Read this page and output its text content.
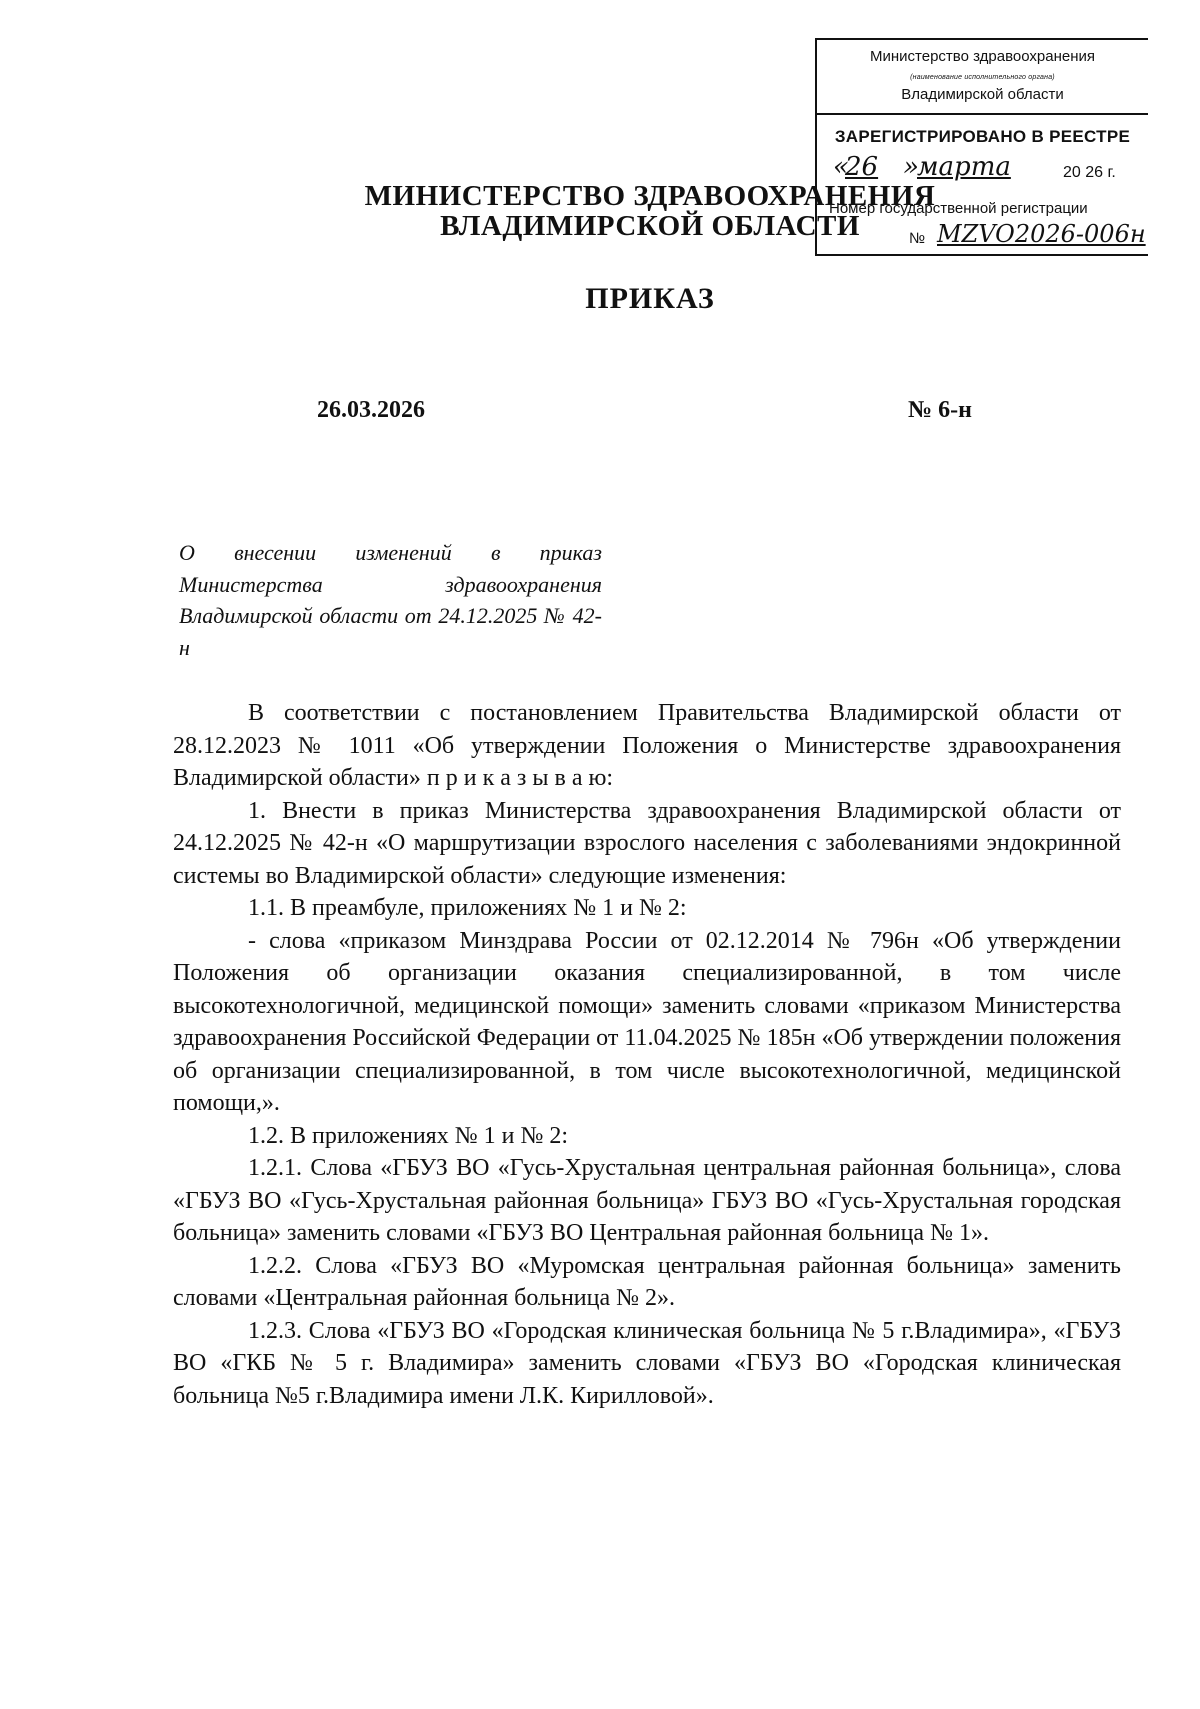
Министерство здравоохранения
(наименование исполнительного органа)
Владимирской области
ЗАРЕГИСТРИРОВАНО В РЕЕСТРЕ
«
26 »
марта	20 26 г.
Номер государственной регистрации
№ MZVO2026-006н
МИНИСТЕРСТВО ЗДРАВООХРАНЕНИЯ
ВЛАДИМИРСКОЙ ОБЛАСТИ
ПРИКАЗ
26.03.2026	№ 6-н
О внесении изменений в приказ Министерства здравоохранения Владимирской области от 24.12.2025 № 42-н

В соответствии с постановлением Правительства Владимирской области от 28.12.2023 № 1011 «Об утверждении Положения о Министерстве здравоохранения Владимирской области» п р и к а з ы в а ю:

1. Внести в приказ Министерства здравоохранения Владимирской области от 24.12.2025 № 42-н «О маршрутизации взрослого населения с заболеваниями эндокринной системы во Владимирской области» следующие изменения:

1.1. В преамбуле, приложениях № 1 и № 2:

- слова «приказом Минздрава России от 02.12.2014 № 796н «Об утверждении Положения об организации оказания специализированной, в том числе высокотехнологичной, медицинской помощи» заменить словами «приказом Министерства здравоохранения Российской Федерации от 11.04.2025 № 185н «Об утверждении положения об организации специализированной, в том числе высокотехнологичной, медицинской помощи,».

1.2. В приложениях № 1 и № 2:

1.2.1. Слова «ГБУЗ ВО «Гусь-Хрустальная центральная районная больница», слова «ГБУЗ ВО «Гусь-Хрустальная районная больница» ГБУЗ ВО «Гусь-Хрустальная городская больница» заменить словами «ГБУЗ ВО Центральная районная больница № 1».

1.2.2. Слова «ГБУЗ ВО «Муромская центральная районная больница» заменить словами «Центральная районная больница № 2».

1.2.3. Слова «ГБУЗ ВО «Городская клиническая больница № 5 г.Владимира», «ГБУЗ ВО «ГКБ № 5 г. Владимира» заменить словами «ГБУЗ ВО «Городская клиническая больница №5 г.Владимира имени Л.К. Кирилловой».
